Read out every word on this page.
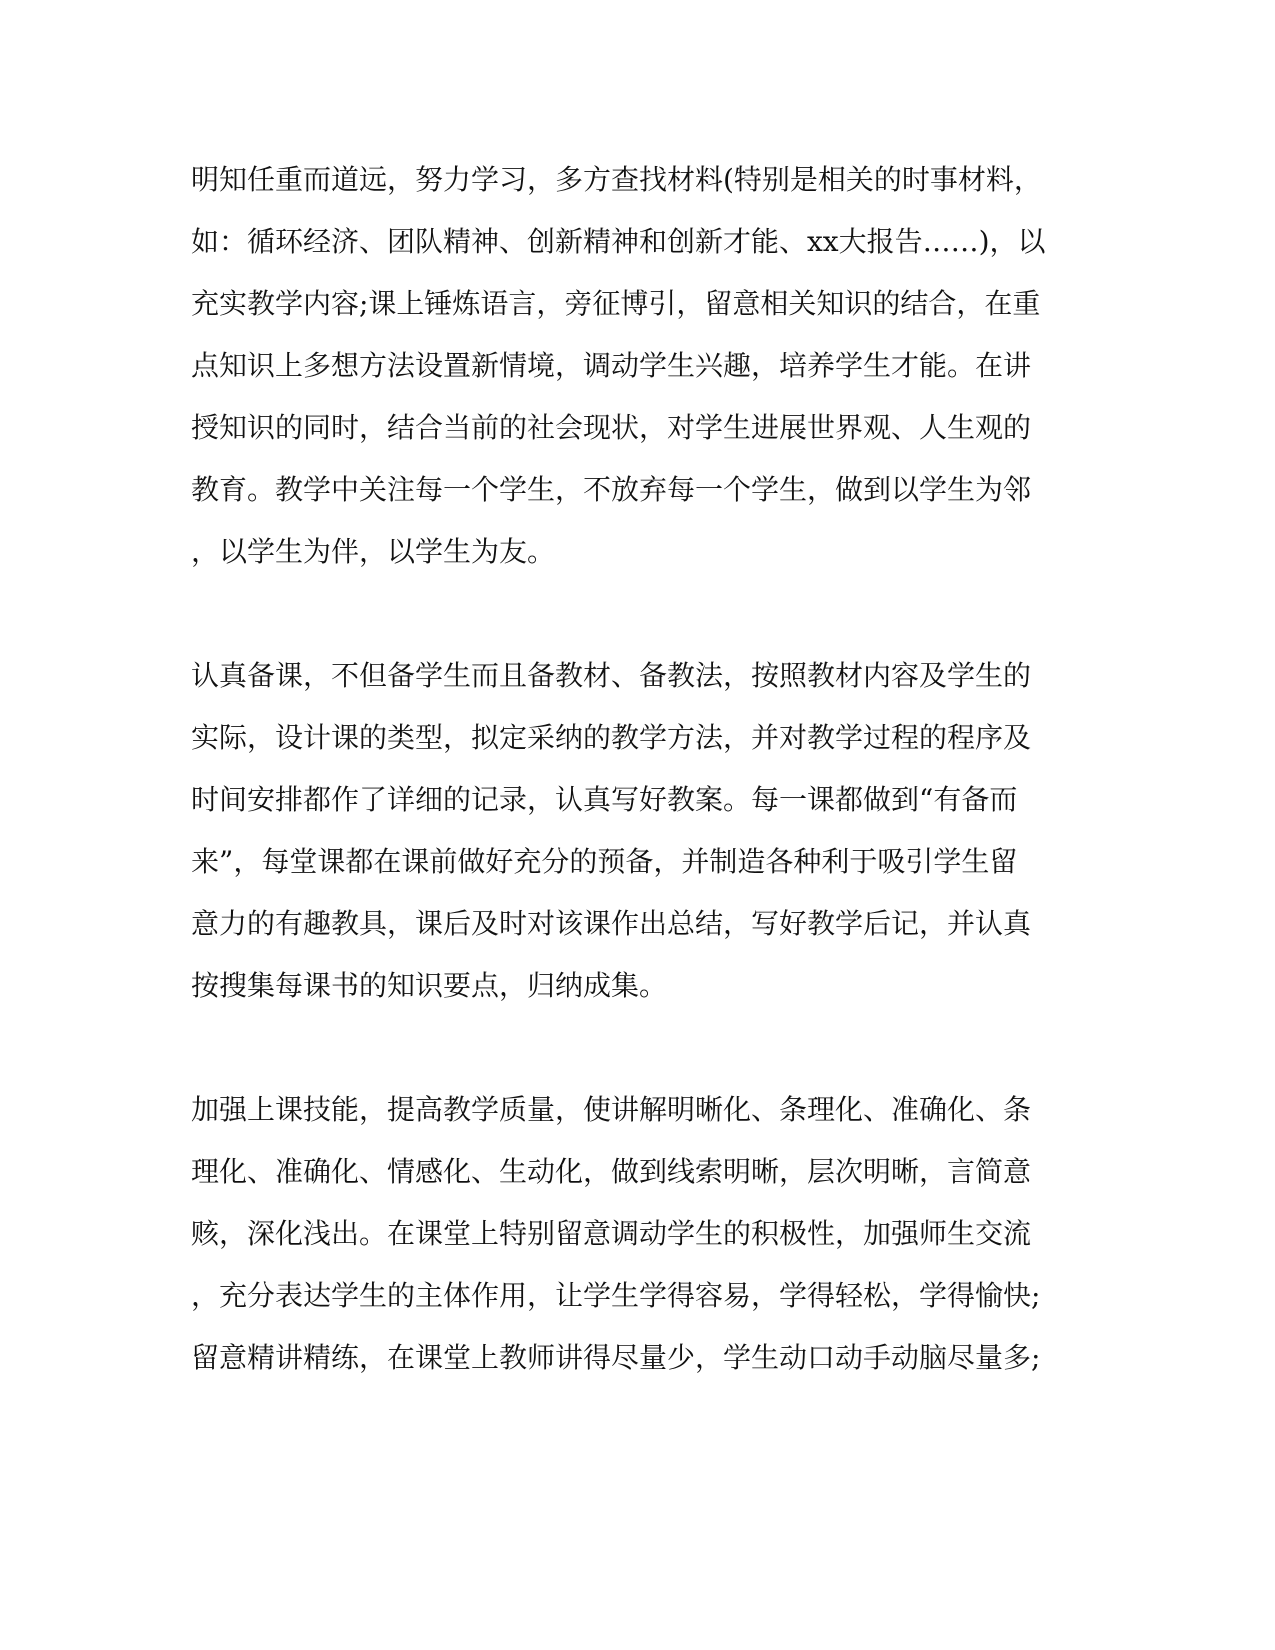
明知任重而道远，努力学习，多方查找材料(特别是相关的时事材料，
如：循环经济、团队精神、创新精神和创新才能、xx大报告……)，以
充实教学内容;课上锤炼语言，旁征博引，留意相关知识的结合，在重
点知识上多想方法设置新情境，调动学生兴趣，培养学生才能。在讲
授知识的同时，结合当前的社会现状，对学生进展世界观、人生观的
教育。教学中关注每一个学生，不放弃每一个学生，做到以学生为邻
，以学生为伴，以学生为友。
认真备课，不但备学生而且备教材、备教法，按照教材内容及学生的
实际，设计课的类型，拟定采纳的教学方法，并对教学过程的程序及
时间安排都作了详细的记录，认真写好教案。每一课都做到“有备而
来”，每堂课都在课前做好充分的预备，并制造各种利于吸引学生留
意力的有趣教具，课后及时对该课作出总结，写好教学后记，并认真
按搜集每课书的知识要点，归纳成集。
加强上课技能，提高教学质量，使讲解明晰化、条理化、准确化、条
理化、准确化、情感化、生动化，做到线索明晰，层次明晰，言简意
赅，深化浅出。在课堂上特别留意调动学生的积极性，加强师生交流
，充分表达学生的主体作用，让学生学得容易，学得轻松，学得愉快;
留意精讲精练，在课堂上教师讲得尽量少，学生动口动手动脑尽量多;
